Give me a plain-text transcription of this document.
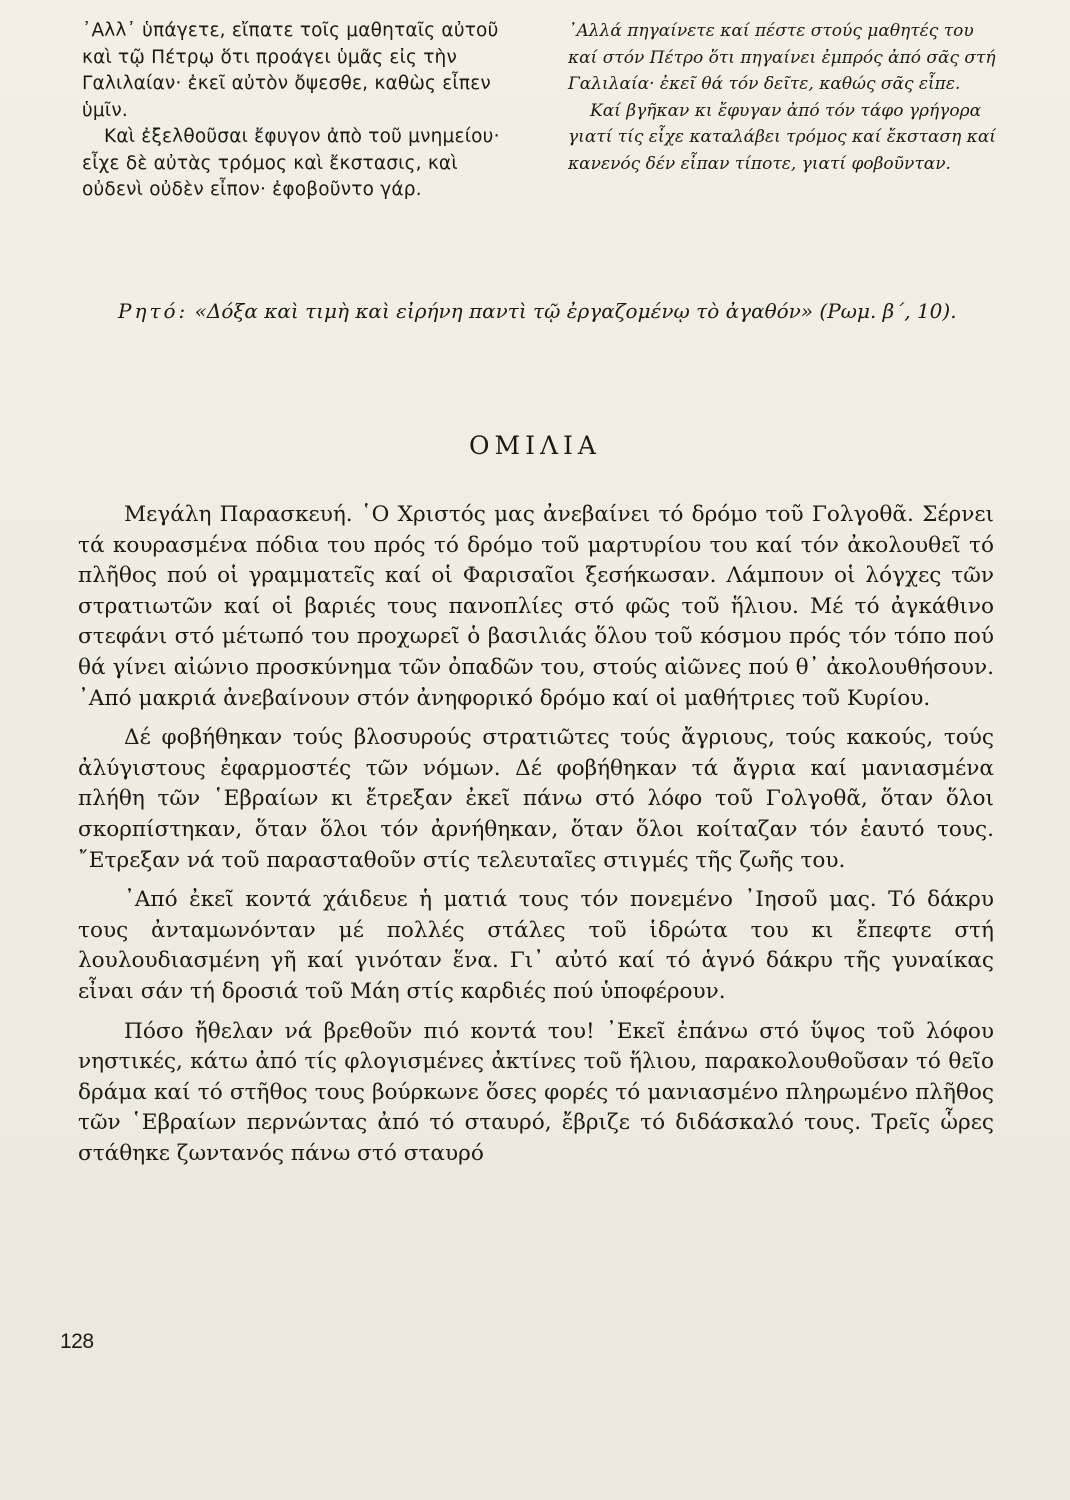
᾿Αλλ᾿ ὑπάγετε, εἴπατε τοῖς μαθηταῖς αὐτοῦ καὶ τῷ Πέτρῳ ὅτι προάγει ὑμᾶς εἰς τὴν Γαλιλαίαν· ἐκεῖ αὐτὸν ὄψεσθε, καθὼς εἶπεν ὑμῖν.

Καὶ ἐξελθοῦσαι ἔφυγον ἀπὸ τοῦ μνημείου· εἶχε δὲ αὐτὰς τρόμος καὶ ἔκστασις, καὶ οὐδενὶ οὐδὲν εἶπον· ἐφοβοῦντο γάρ.

᾿Αλλά πηγαίνετε καί πέστε στούς μαθητές του καί στόν Πέτρο ὅτι πηγαίνει ἐμπρός ἀπό σᾶς στή Γαλιλαία· ἐκεῖ θά τόν δεῖτε, καθώς σᾶς εἶπε.

Καί βγῆκαν κι ἔφυγαν ἀπό τόν τάφο γρήγορα γιατί τίς εἶχε καταλάβει τρόμος καί ἔκσταση καί κανενός δέν εἶπαν τίποτε, γιατί φοβοῦνταν.

Ρητό: «Δόξα καὶ τιμὴ καὶ εἰρήνη παντὶ τῷ ἐργαζομένῳ τὸ ἀγαθόν» (Ρωμ. β΄, 10).
ΟΜΙΛΙΑ

Μεγάλη Παρασκευή. ῾Ο Χριστός μας ἀνεβαίνει τό δρόμο τοῦ Γολγοθᾶ. Σέρνει τά κουρασμένα πόδια του πρός τό δρόμο τοῦ μαρτυρίου του καί τόν ἀκολουθεῖ τό πλῆθος πού οἱ γραμματεῖς καί οἱ Φαρισαῖοι ξεσήκωσαν. Λάμπουν οἱ λόγχες τῶν στρατιωτῶν καί οἱ βαριές τους πανοπλίες στό φῶς τοῦ ἥλιου. Μέ τό ἀγκάθινο στεφάνι στό μέτωπό του προχωρεῖ ὁ βασιλιάς ὅλου τοῦ κόσμου πρός τόν τόπο πού θά γίνει αἰώνιο προσκύνημα τῶν ὀπαδῶν του, στούς αἰῶνες πού θ᾿ ἀκολουθήσουν. ᾿Από μακριά ἀνεβαίνουν στόν ἀνηφορικό δρόμο καί οἱ μαθήτριες τοῦ Κυρίου.

Δέ φοβήθηκαν τούς βλοσυρούς στρατιῶτες τούς ἄγριους, τούς κακούς, τούς ἀλύγιστους ἐφαρμοστές τῶν νόμων. Δέ φοβήθηκαν τά ἄγρια καί μανιασμένα πλήθη τῶν ῾Εβραίων κι ἔτρεξαν ἐκεῖ πάνω στό λόφο τοῦ Γολγοθᾶ, ὅταν ὅλοι σκορπίστηκαν, ὅταν ὅλοι τόν ἀρνήθηκαν, ὅταν ὅλοι κοίταζαν τόν ἑαυτό τους. ῎Ετρεξαν νά τοῦ παρασταθοῦν στίς τελευταῖες στιγμές τῆς ζωῆς του.

᾿Από ἐκεῖ κοντά χάιδευε ἡ ματιά τους τόν πονεμένο ᾿Ιησοῦ μας. Τό δάκρυ τους ἀνταμωνόνταν μέ πολλές στάλες τοῦ ἱδρώτα του κι ἔπεφτε στή λουλουδιασμένη γῆ καί γινόταν ἕνα. Γι᾿ αὐτό καί τό ἁγνό δάκρυ τῆς γυναίκας εἶναι σάν τή δροσιά τοῦ Μάη στίς καρδιές πού ὑποφέρουν.

Πόσο ἤθελαν νά βρεθοῦν πιό κοντά του! ᾿Εκεῖ ἐπάνω στό ὕψος τοῦ λόφου νηστικές, κάτω ἀπό τίς φλογισμένες ἀκτίνες τοῦ ἥλιου, παρακολουθοῦσαν τό θεῖο δράμα καί τό στῆθος τους βούρκωνε ὅσες φορές τό μανιασμένο πληρωμένο πλῆθος τῶν ῾Εβραίων περνώντας ἀπό τό σταυρό, ἔβριζε τό διδάσκαλό τους. Τρεῖς ὧρες στάθηκε ζωντανός πάνω στό σταυρό

128
